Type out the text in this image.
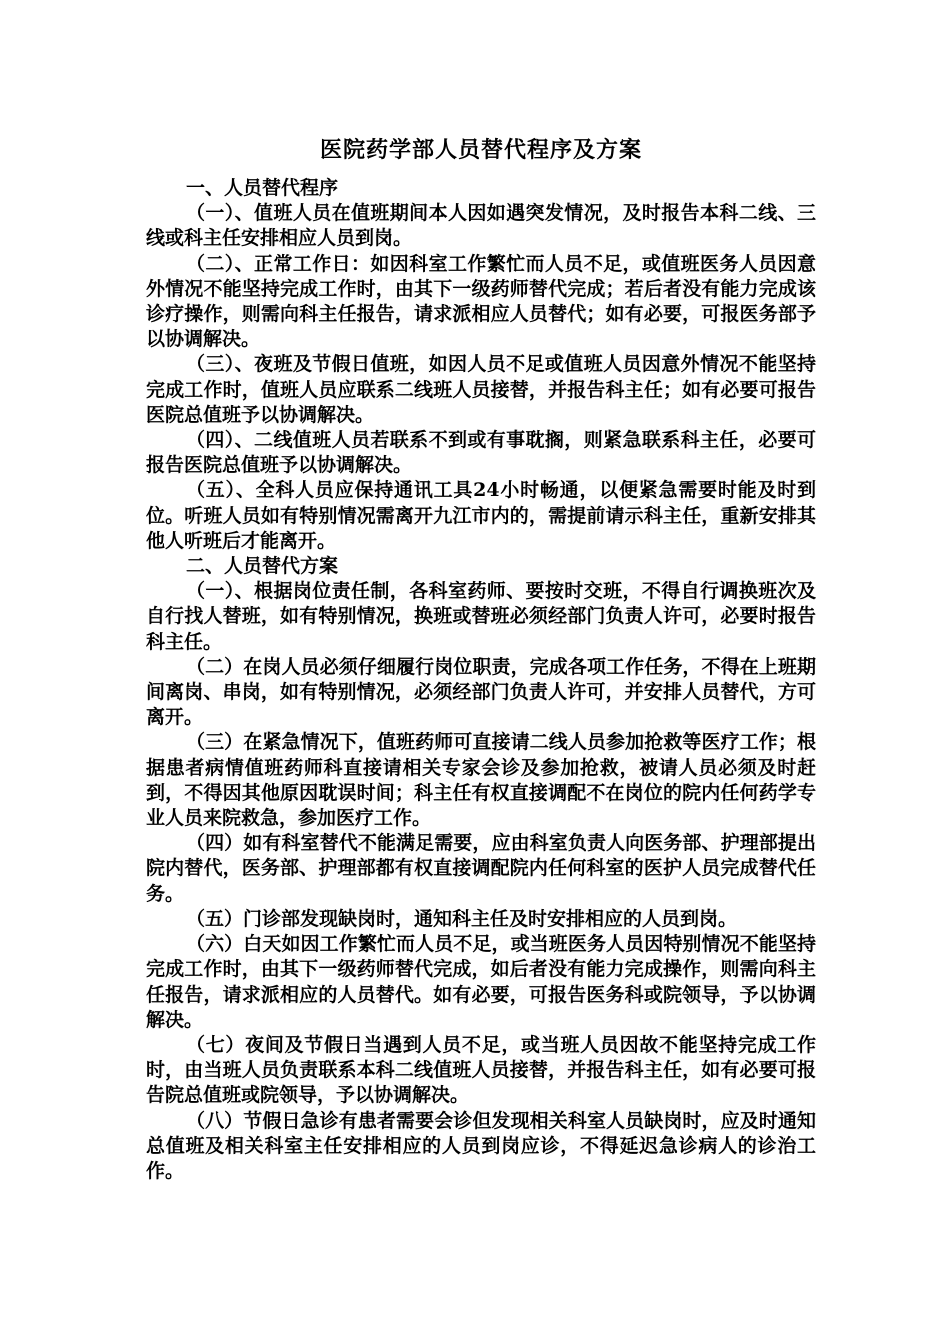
医院药学部人员替代程序及方案

一、人员替代程序

（一）、值班人员在值班期间本人因如遇突发情况，及时报告本科二线、三线或科主任安排相应人员到岗。

（二）、正常工作日：如因科室工作繁忙而人员不足，或值班医务人员因意外情况不能坚持完成工作时，由其下一级药师替代完成；若后者没有能力完成该诊疗操作，则需向科主任报告，请求派相应人员替代；如有必要，可报医务部予以协调解决。

（三）、夜班及节假日值班，如因人员不足或值班人员因意外情况不能坚持完成工作时，值班人员应联系二线班人员接替，并报告科主任；如有必要可报告医院总值班予以协调解决。

（四）、二线值班人员若联系不到或有事耽搁，则紧急联系科主任，必要可报告医院总值班予以协调解决。

（五）、全科人员应保持通讯工具24小时畅通，以便紧急需要时能及时到位。听班人员如有特别情况需离开九江市内的，需提前请示科主任，重新安排其他人听班后才能离开。

二、人员替代方案

（一）、根据岗位责任制，各科室药师、要按时交班，不得自行调换班次及自行找人替班，如有特别情况，换班或替班必须经部门负责人许可，必要时报告科主任。

（二）在岗人员必须仔细履行岗位职责，完成各项工作任务，不得在上班期间离岗、串岗，如有特别情况，必须经部门负责人许可，并安排人员替代，方可离开。

（三）在紧急情况下，值班药师可直接请二线人员参加抢救等医疗工作；根据患者病情值班药师科直接请相关专家会诊及参加抢救，被请人员必须及时赶到，不得因其他原因耽误时间；科主任有权直接调配不在岗位的院内任何药学专业人员来院救急，参加医疗工作。

（四）如有科室替代不能满足需要，应由科室负责人向医务部、护理部提出院内替代，医务部、护理部都有权直接调配院内任何科室的医护人员完成替代任务。

（五）门诊部发现缺岗时，通知科主任及时安排相应的人员到岗。

（六）白天如因工作繁忙而人员不足，或当班医务人员因特别情况不能坚持完成工作时，由其下一级药师替代完成，如后者没有能力完成操作，则需向科主任报告，请求派相应的人员替代。如有必要，可报告医务科或院领导，予以协调解决。

（七）夜间及节假日当遇到人员不足，或当班人员因故不能坚持完成工作时，由当班人员负责联系本科二线值班人员接替，并报告科主任，如有必要可报告院总值班或院领导，予以协调解决。

（八）节假日急诊有患者需要会诊但发现相关科室人员缺岗时，应及时通知总值班及相关科室主任安排相应的人员到岗应诊，不得延迟急诊病人的诊治工作。
